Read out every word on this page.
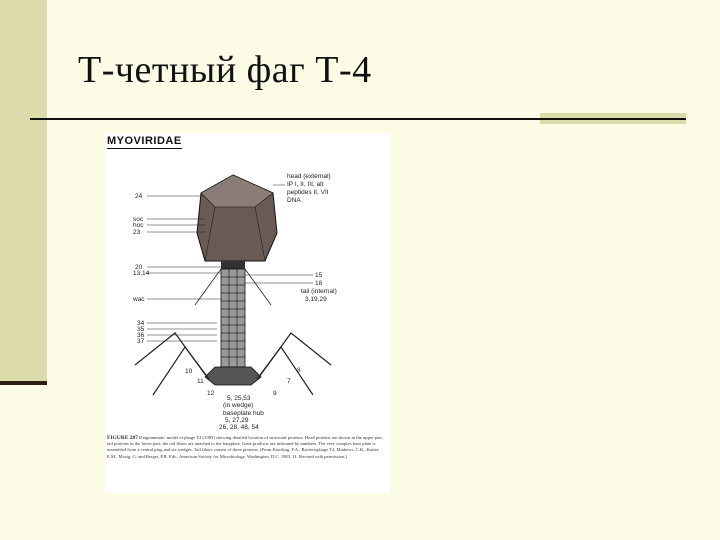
Т-четный фаг Т-4
MYOVIRIDAE
24
head (external)
IP I, II, III, alt
peptides II, VII
DNA
soc
hoc
23
20
13,14	15
18
tail (internal)
3,19,29
wac
34
35
36
37
10
11
12	9
7
8
5, 25,53
(in wedge)
baseplate hub
5, 27,29
26, 28, 48, 54
FIGURE 287 Diagrammatic model of phage T4 (1985) showing detailed location of structural proteins. Head proteins are shown in the upper part, tail proteins in the lower part; the tail fibers are attached to the baseplate. Gene products are indicated by numbers. The very complex base plate is assembled from a central plug and six wedges. Tail fibers consist of three proteins. (From Eiserling, F.A., Bacteriophage T4, Mathews, C.K., Kutter, E.M., Mosig, G. and Berget, P.B. Eds., American Society for Microbiology, Washington, D.C. 1983, 11. Revised with permission.)
